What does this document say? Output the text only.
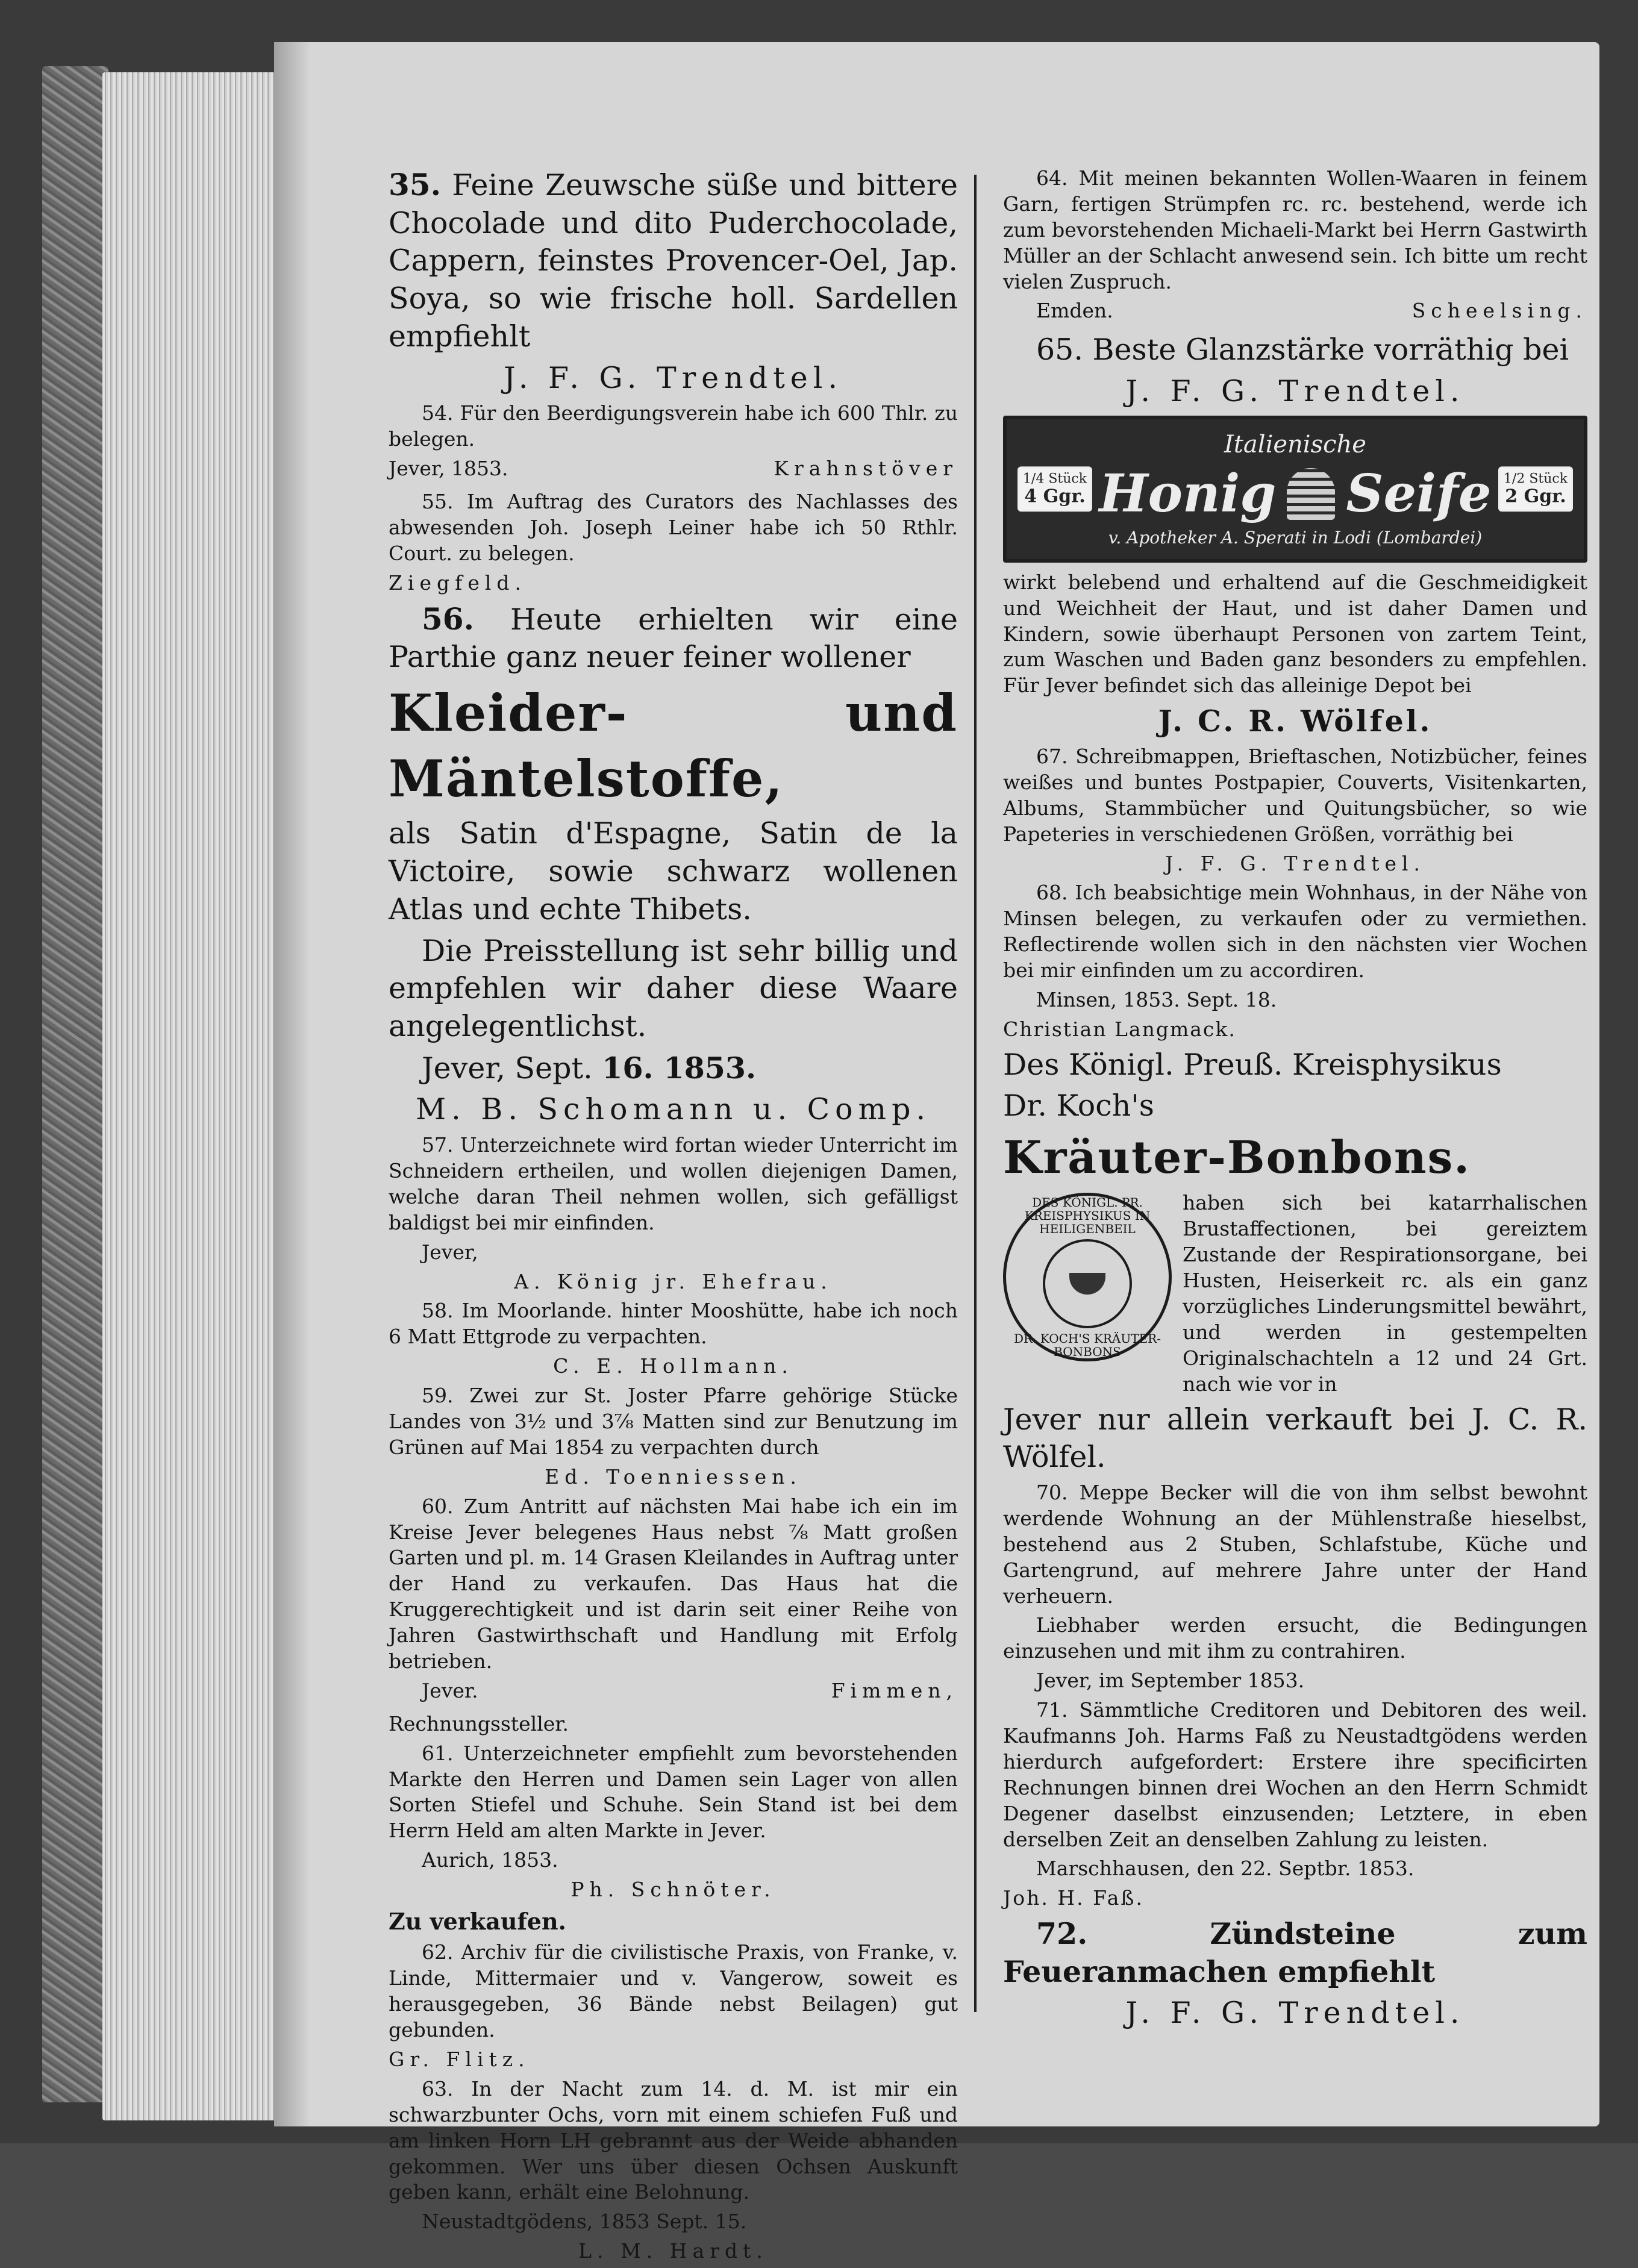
35. Feine Zeuwsche süße und bittere Chocolade und dito Puderchocolade, Cappern, feinstes Provencer-Oel, Jap. Soya, so wie frische holl. Sardellen empfiehlt

J. F. G. Trendtel.

54. Für den Beerdigungsverein habe ich 600 Thlr. zu belegen.

Jever, 1853.	Krahnstöver

55. Im Auftrag des Curators des Nachlasses des abwesenden Joh. Joseph Leiner habe ich 50 Rthlr. Court. zu belegen.

Ziegfeld.

56. Heute erhielten wir eine Parthie ganz neuer feiner wollener

Kleider- und Mäntelstoffe,

als Satin d'Espagne, Satin de la Victoire, sowie schwarz wollenen Atlas und echte Thibets.

Die Preisstellung ist sehr billig und empfehlen wir daher diese Waare angelegentlichst.

Jever, Sept. 16. 1853.

M. B. Schomann u. Comp.

57. Unterzeichnete wird fortan wieder Unterricht im Schneidern ertheilen, und wollen diejenigen Damen, welche daran Theil nehmen wollen, sich gefälligst baldigst bei mir einfinden.

Jever,

A. König jr. Ehefrau.

58. Im Moorlande. hinter Mooshütte, habe ich noch 6 Matt Ettgrode zu verpachten.

C. E. Hollmann.

59. Zwei zur St. Joster Pfarre gehörige Stücke Landes von 3½ und 3⅞ Matten sind zur Benutzung im Grünen auf Mai 1854 zu verpachten durch

Ed. Toenniessen.

60. Zum Antritt auf nächsten Mai habe ich ein im Kreise Jever belegenes Haus nebst ⅞ Matt großen Garten und pl. m. 14 Grasen Kleilandes in Auftrag unter der Hand zu verkaufen. Das Haus hat die Kruggerechtigkeit und ist darin seit einer Reihe von Jahren Gastwirthschaft und Handlung mit Erfolg betrieben.

Jever.	Fimmen,

Rechnungssteller.

61. Unterzeichneter empfiehlt zum bevorstehenden Markte den Herren und Damen sein Lager von allen Sorten Stiefel und Schuhe. Sein Stand ist bei dem Herrn Held am alten Markte in Jever.

Aurich, 1853.

Ph. Schnöter.

Zu verkaufen.

62. Archiv für die civilistische Praxis, von Franke, v. Linde, Mittermaier und v. Vangerow, soweit es herausgegeben, 36 Bände nebst Beilagen) gut gebunden.

Gr. Flitz.

63. In der Nacht zum 14. d. M. ist mir ein schwarzbunter Ochs, vorn mit einem schiefen Fuß und am linken Horn LH gebrannt aus der Weide abhanden gekommen. Wer uns über diesen Ochsen Auskunft geben kann, erhält eine Belohnung.

Neustadtgödens, 1853 Sept. 15.

L. M. Hardt.

64. Mit meinen bekannten Wollen-Waaren in feinem Garn, fertigen Strümpfen rc. rc. bestehend, werde ich zum bevorstehenden Michaeli-Markt bei Herrn Gastwirth Müller an der Schlacht anwesend sein. Ich bitte um recht vielen Zuspruch.

Emden.	Scheelsing.

65. Beste Glanzstärke vorräthig bei

J. F. G. Trendtel.

1/4 Stück
4 Ggr.
1/2 Stück
2 Ggr.
Italienische
Honig Seife
v. Apotheker A. Sperati in Lodi (Lombardei)

wirkt belebend und erhaltend auf die Geschmeidigkeit und Weichheit der Haut, und ist daher Damen und Kindern, sowie überhaupt Personen von zartem Teint, zum Waschen und Baden ganz besonders zu empfehlen. Für Jever befindet sich das alleinige Depot bei

J. C. R. Wölfel.

67. Schreibmappen, Brieftaschen, Notizbücher, feines weißes und buntes Postpapier, Couverts, Visitenkarten, Albums, Stammbücher und Quitungsbücher, so wie Papeteries in verschiedenen Größen, vorräthig bei

J. F. G. Trendtel.

68. Ich beabsichtige mein Wohnhaus, in der Nähe von Minsen belegen, zu verkaufen oder zu vermiethen. Reflectirende wollen sich in den nächsten vier Wochen bei mir einfinden um zu accordiren.

Minsen, 1853. Sept. 18.

Christian Langmack.

Des Königl. Preuß. Kreisphysikus

Dr. Koch's

Kräuter-Bonbons.

DES KÖNIGL. PR. KREISPHYSIKUS IN HEILIGENBEIL
DR. KOCH'S KRÄUTER-BONBONS

haben sich bei katarrhalischen Brustaffectionen, bei gereiztem Zustande der Respirationsorgane, bei Husten, Heiserkeit rc. als ein ganz vorzügliches Linderungsmittel bewährt, und werden in gestempelten Originalschachteln a 12 und 24 Grt. nach wie vor in

Jever nur allein verkauft bei J. C. R. Wölfel.

70. Meppe Becker will die von ihm selbst bewohnt werdende Wohnung an der Mühlenstraße hieselbst, bestehend aus 2 Stuben, Schlafstube, Küche und Gartengrund, auf mehrere Jahre unter der Hand verheuern.

Liebhaber werden ersucht, die Bedingungen einzusehen und mit ihm zu contrahiren.

Jever, im September 1853.

71. Sämmtliche Creditoren und Debitoren des weil. Kaufmanns Joh. Harms Faß zu Neustadtgödens werden hierdurch aufgefordert: Erstere ihre specificirten Rechnungen binnen drei Wochen an den Herrn Schmidt Degener daselbst einzusenden; Letztere, in eben derselben Zeit an denselben Zahlung zu leisten.

Marschhausen, den 22. Septbr. 1853.

Joh. H. Faß.

72. Zündsteine zum Feueranmachen empfiehlt

J. F. G. Trendtel.
